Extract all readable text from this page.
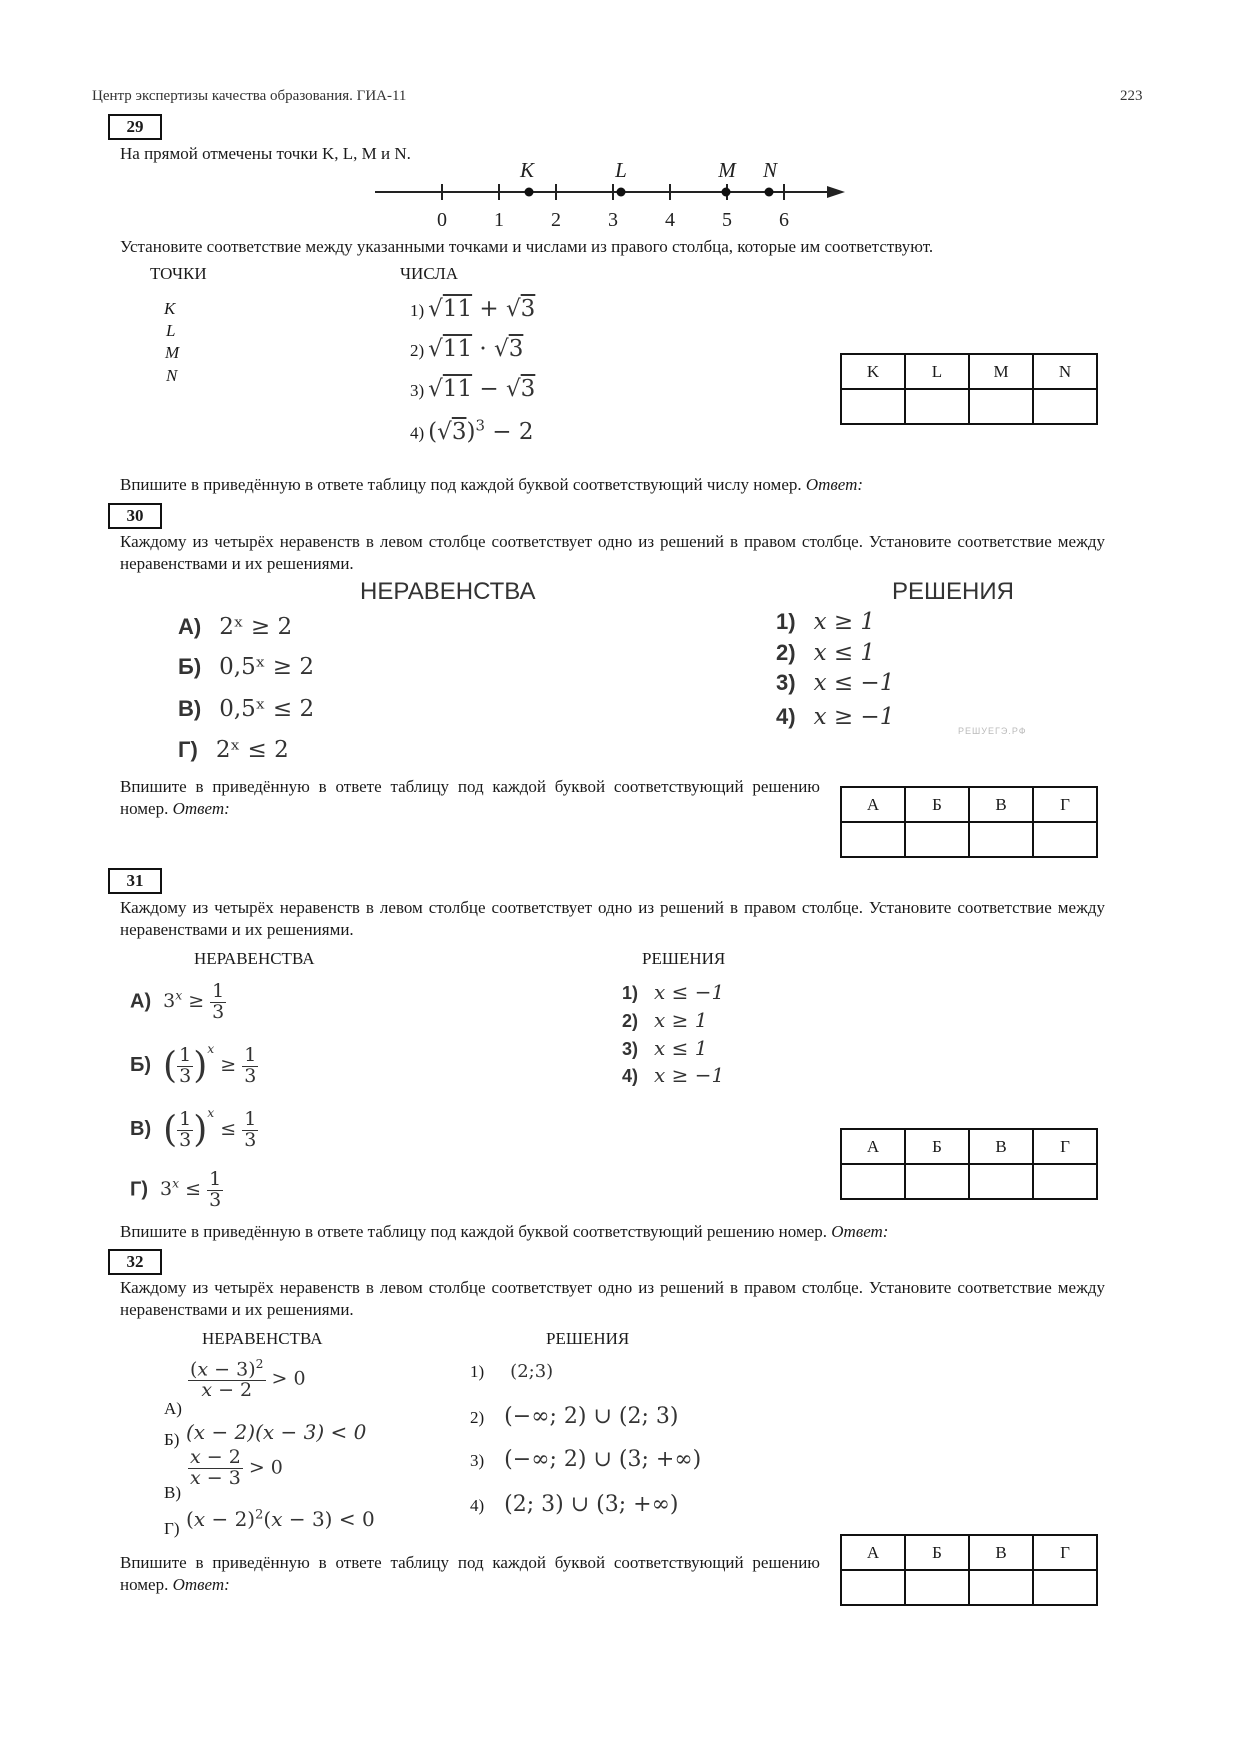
Центр экспертизы качества образования. ГИА-11	223
29
На прямой отмечены точки K, L, M и N.
0 1 2 3 4 5 6
K	L	M N
Установите соответствие между указанными точками и числами из правого столбца, которые им соответствуют.
ТОЧКИ	ЧИСЛА
K
L
M
N
1) √11 + √3
2) √11 · √3
3) √11 − √3
4) $(√3)^3 - 2$
K	L	M	N

Впишите в приведённую в ответе таблицу под каждой буквой соответствующий числу номер. Ответ:
30
Каждому из четырёх неравенств в левом столбце соответствует одно из решений в правом столбце. Установите соответствие между неравенствами и их решениями.
НЕРАВЕНСТВА	РЕШЕНИЯ
А) 2ˣ ≥ 2
Б) 0,5ˣ ≥ 2
В) 0,5ˣ ≤ 2
Г) 2ˣ ≤ 2
1) x ≥ 1
2) x ≤ 1
3) x ≤ −1
4) x ≥ −1
РЕШУЕГЭ.РФ
Впишите в приведённую в ответе таблицу под каждой буквой соответствующий решению номер. Ответ:	А	Б	В	Г

31
Каждому из четырёх неравенств в левом столбце соответствует одно из решений в правом столбце. Установите соответствие между неравенствами и их решениями.
НЕРАВЕНСТВА	РЕШЕНИЯ
А) $3^x \ge \frac{1}{3}$
Б) ( $\frac{1}{3} )^x \ge \frac{1}{3}$
В) ( $\frac{1}{3} )^x \le \frac{1}{3}$
Г) $3^x \le \frac{1}{3}$
1) x ≤ −1
2) x ≥ 1
3) x ≤ 1
4) x ≥ −1
А	Б	В	Г

Впишите в приведённую в ответе таблицу под каждой буквой соответствующий решению номер. Ответ:
32
Каждому из четырёх неравенств в левом столбце соответствует одно из решений в правом столбце. Установите соответствие между неравенствами и их решениями.
НЕРАВЕНСТВА	РЕШЕНИЯ
$\frac{(x - 3)^2}{x - 2} > 0$
А)
Б) (x − 2)(x − 3) < 0
$\frac{x - 2}{x - 3} > 0$
В)
Г) $(x - 2)^2(x - 3) < 0$
1) (2;3)
2) (−∞; 2) ∪ (2; 3)
3) (−∞; 2) ∪ (3; +∞)
4) (2; 3) ∪ (3; +∞)
А	Б	В	Г

Впишите в приведённую в ответе таблицу под каждой буквой соответствующий решению номер. Ответ:
